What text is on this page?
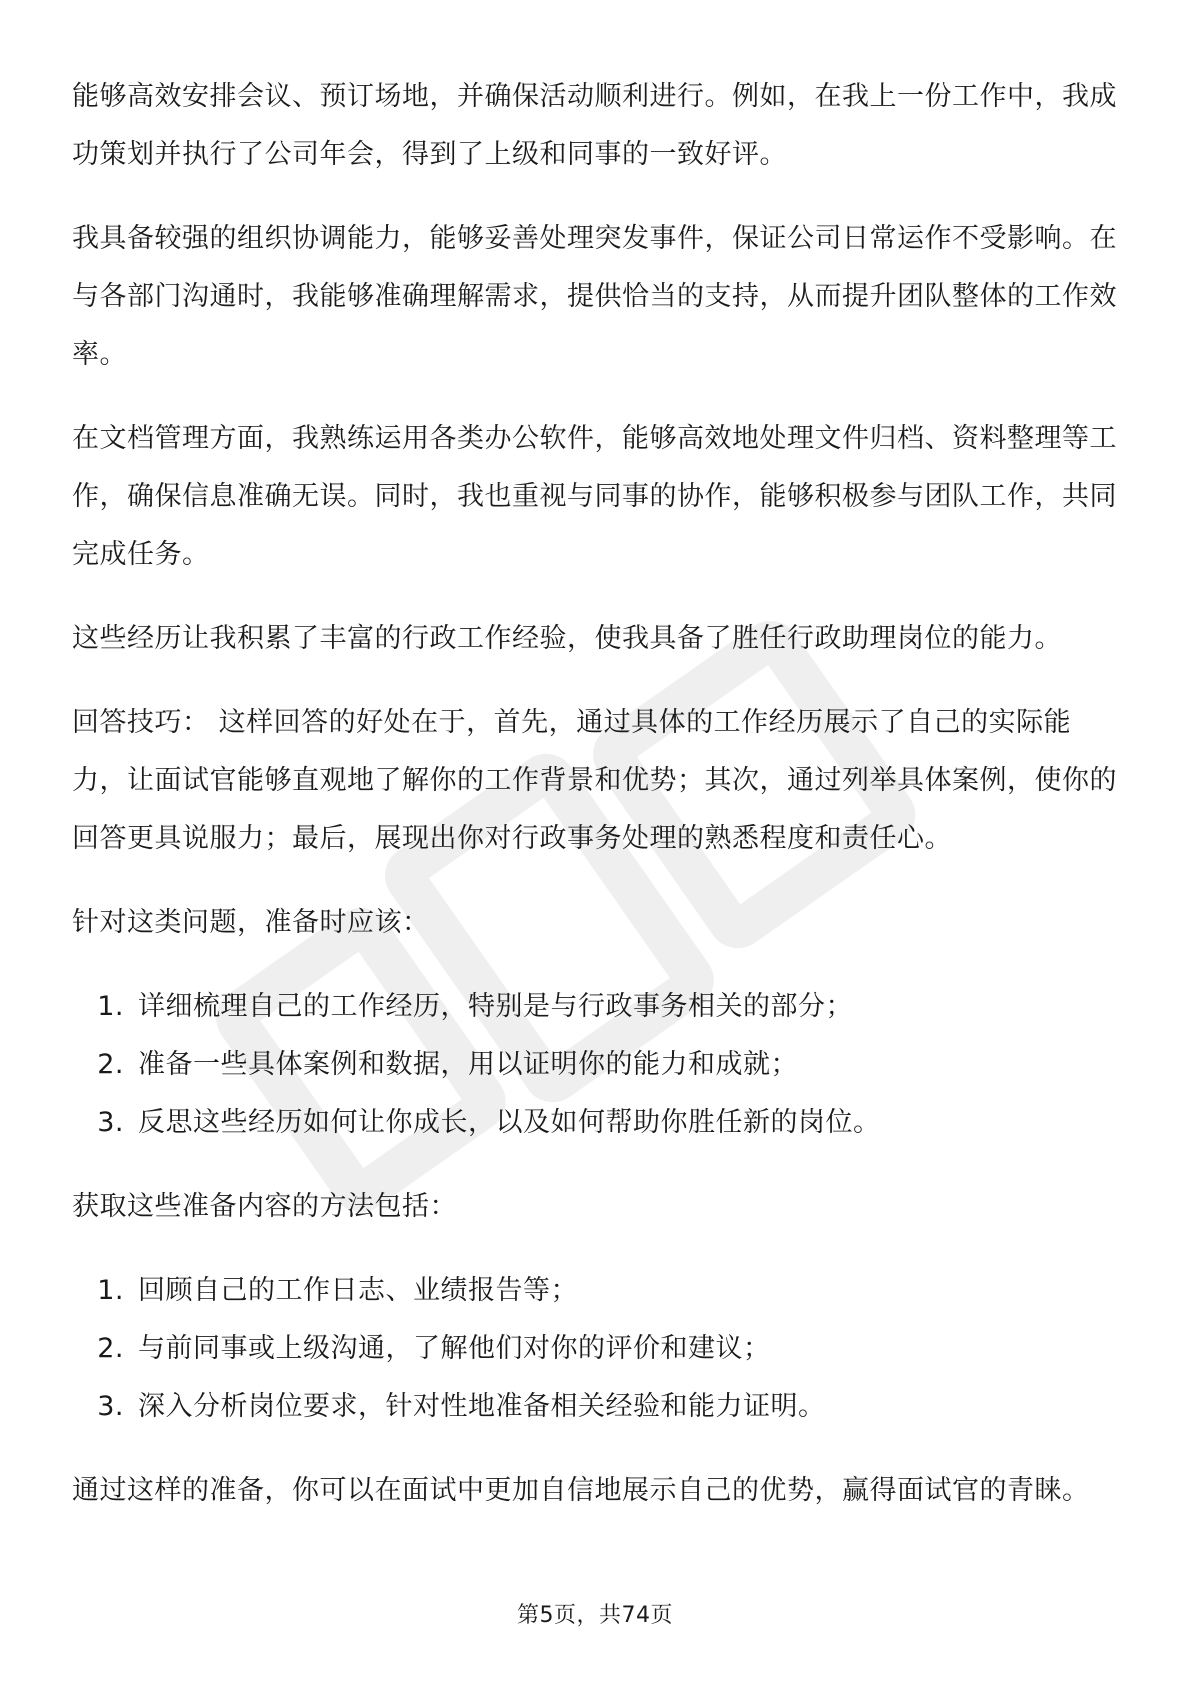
能够高效安排会议、预订场地，并确保活动顺利进行。例如，在我上一份工作中，我成功策划并执行了公司年会，得到了上级和同事的一致好评。

我具备较强的组织协调能力，能够妥善处理突发事件，保证公司日常运作不受影响。在与各部门沟通时，我能够准确理解需求，提供恰当的支持，从而提升团队整体的工作效率。

在文档管理方面，我熟练运用各类办公软件，能够高效地处理文件归档、资料整理等工作，确保信息准确无误。同时，我也重视与同事的协作，能够积极参与团队工作，共同完成任务。

这些经历让我积累了丰富的行政工作经验，使我具备了胜任行政助理岗位的能力。

回答技巧： 这样回答的好处在于，首先，通过具体的工作经历展示了自己的实际能力，让面试官能够直观地了解你的工作背景和优势；其次，通过列举具体案例，使你的回答更具说服力；最后，展现出你对行政事务处理的熟悉程度和责任心。

针对这类问题，准备时应该：

1. 详细梳理自己的工作经历，特别是与行政事务相关的部分；
2. 准备一些具体案例和数据，用以证明你的能力和成就；
3. 反思这些经历如何让你成长，以及如何帮助你胜任新的岗位。

获取这些准备内容的方法包括：

1. 回顾自己的工作日志、业绩报告等；
2. 与前同事或上级沟通，了解他们对你的评价和建议；
3. 深入分析岗位要求，针对性地准备相关经验和能力证明。

通过这样的准备，你可以在面试中更加自信地展示自己的优势，赢得面试官的青睐。

第5页，共74页
